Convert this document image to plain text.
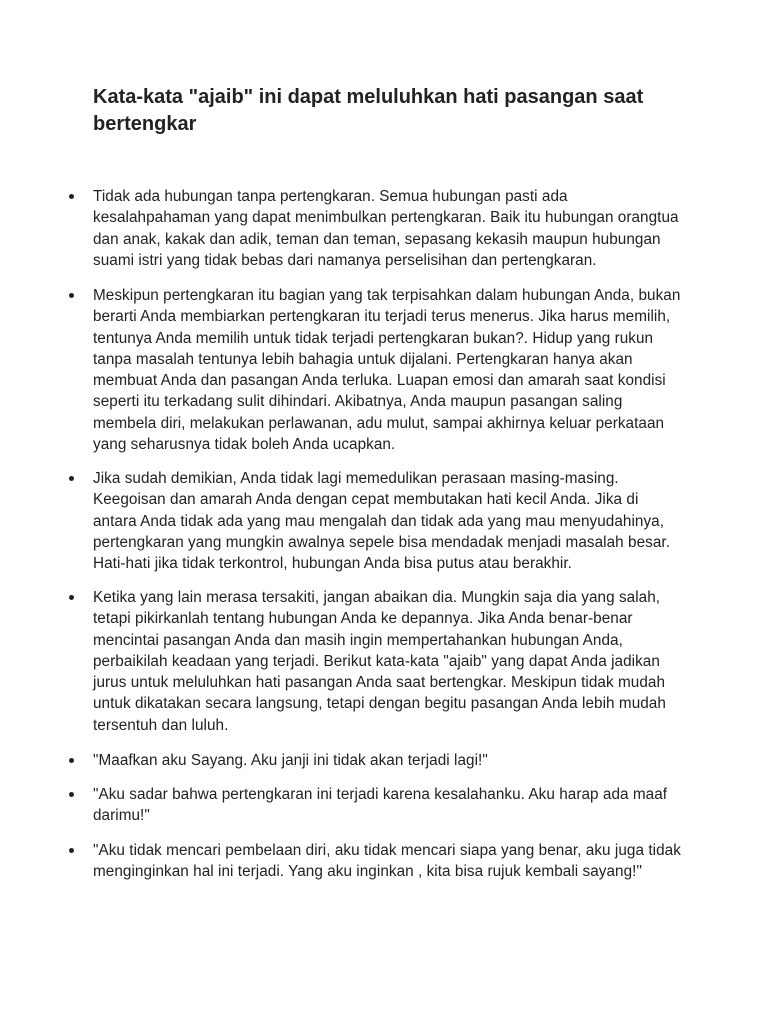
Kata-kata "ajaib" ini dapat meluluhkan hati pasangan saat bertengkar

Tidak ada hubungan tanpa pertengkaran. Semua hubungan pasti ada kesalahpahaman yang dapat menimbulkan pertengkaran. Baik itu hubungan orangtua dan anak, kakak dan adik, teman dan teman, sepasang kekasih maupun hubungan suami istri yang tidak bebas dari namanya perselisihan dan pertengkaran.

Meskipun pertengkaran itu bagian yang tak terpisahkan dalam hubungan Anda, bukan berarti Anda membiarkan pertengkaran itu terjadi terus menerus. Jika harus memilih, tentunya Anda memilih untuk tidak terjadi pertengkaran bukan?. Hidup yang rukun tanpa masalah tentunya lebih bahagia untuk dijalani. Pertengkaran hanya akan membuat Anda dan pasangan Anda terluka. Luapan emosi dan amarah saat kondisi seperti itu terkadang sulit dihindari. Akibatnya, Anda maupun pasangan saling membela diri, melakukan perlawanan, adu mulut, sampai akhirnya keluar perkataan yang seharusnya tidak boleh Anda ucapkan.

Jika sudah demikian, Anda tidak lagi memedulikan perasaan masing-masing. Keegoisan dan amarah Anda dengan cepat membutakan hati kecil Anda. Jika di antara Anda tidak ada yang mau mengalah dan tidak ada yang mau menyudahinya, pertengkaran yang mungkin awalnya sepele bisa mendadak menjadi masalah besar. Hati-hati jika tidak terkontrol, hubungan Anda bisa putus atau berakhir.

Ketika yang lain merasa tersakiti, jangan abaikan dia. Mungkin saja dia yang salah, tetapi pikirkanlah tentang hubungan Anda ke depannya. Jika Anda benar-benar mencintai pasangan Anda dan masih ingin mempertahankan hubungan Anda, perbaikilah keadaan yang terjadi. Berikut kata-kata "ajaib" yang dapat Anda jadikan jurus untuk meluluhkan hati pasangan Anda saat bertengkar. Meskipun tidak mudah untuk dikatakan secara langsung, tetapi dengan begitu pasangan Anda lebih mudah tersentuh dan luluh.

"Maafkan aku Sayang. Aku janji ini tidak akan terjadi lagi!"

"Aku sadar bahwa pertengkaran ini terjadi karena kesalahanku. Aku harap ada maaf darimu!"

"Aku tidak mencari pembelaan diri, aku tidak mencari siapa yang benar, aku juga tidak menginginkan hal ini terjadi. Yang aku inginkan , kita bisa rujuk kembali sayang!"
